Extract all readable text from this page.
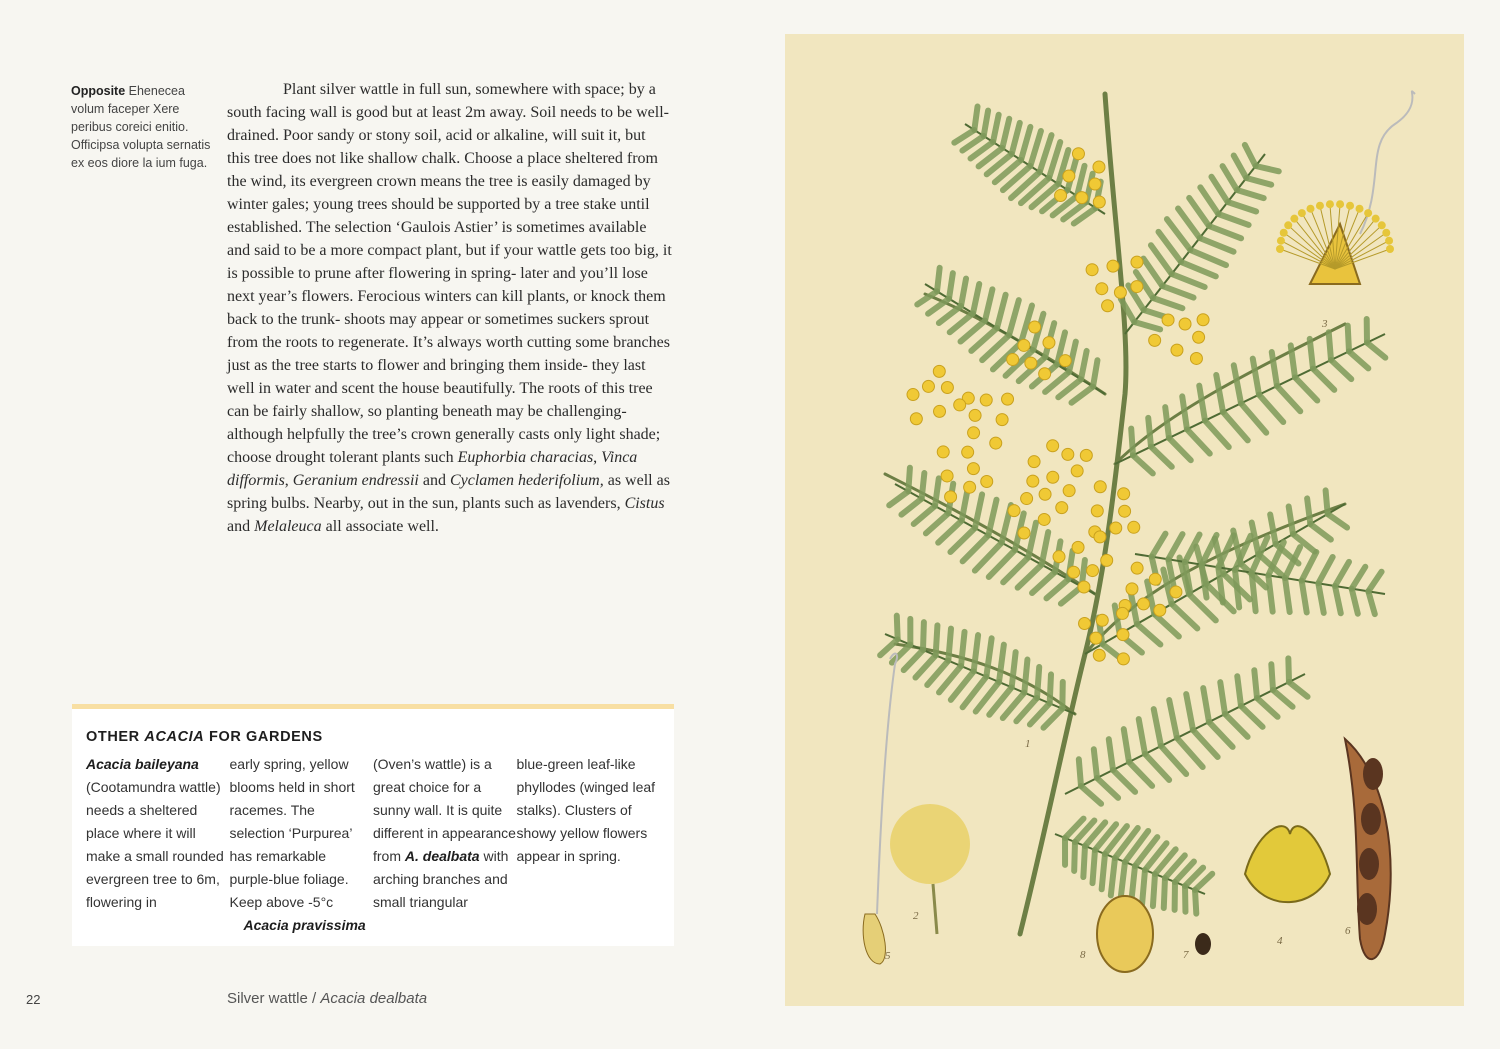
Opposite Ehenecea volum faceper Xere peribus coreici enitio. Officipsa volupta sernatis ex eos diore la ium fuga.

Plant silver wattle in full sun, somewhere with space; by a south facing wall is good but at least 2m away. Soil needs to be well-drained. Poor sandy or stony soil, acid or alkaline, will suit it, but this tree does not like shallow chalk. Choose a place sheltered from the wind, its evergreen crown means the tree is easily damaged by winter gales; young trees should be supported by a tree stake until established. The selection ‘Gaulois Astier’ is sometimes available and said to be a more compact plant, but if your wattle gets too big, it is possible to prune after flowering in spring- later and you’ll lose next year’s flowers. Ferocious winters can kill plants, or knock them back to the trunk- shoots may appear or sometimes suckers sprout from the roots to regenerate. It’s always worth cutting some branches just as the tree starts to flower and bringing them inside- they last well in water and scent the house beautifully. The roots of this tree can be fairly shallow, so planting beneath may be challenging- although helpfully the tree’s crown generally casts only light shade; choose drought tolerant plants such Euphorbia characias, Vinca difformis, Geranium endressii and Cyclamen hederifolium, as well as spring bulbs. Nearby, out in the sun, plants such as lavenders, Cistus and Melaleuca all associate well.

OTHER ACACIA FOR GARDENS
Acacia baileyana (Cootamundra wattle) needs a sheltered place where it will make a small rounded evergreen tree to 6m, flowering in
early spring, yellow blooms held in short racemes. The selection ‘Purpurea’ has remarkable purple-blue foliage. Keep above -5°c
Acacia pravissima
(Oven’s wattle) is a great choice for a sunny wall. It is quite different in appearance from A. dealbata with arching branches and small triangular
blue-green leaf-like phyllodes (winged leaf stalks). Clusters of showy yellow flowers appear in spring.
22	Silver wattle / Acacia dealbata
1
2
3
4
5
6
7
8
